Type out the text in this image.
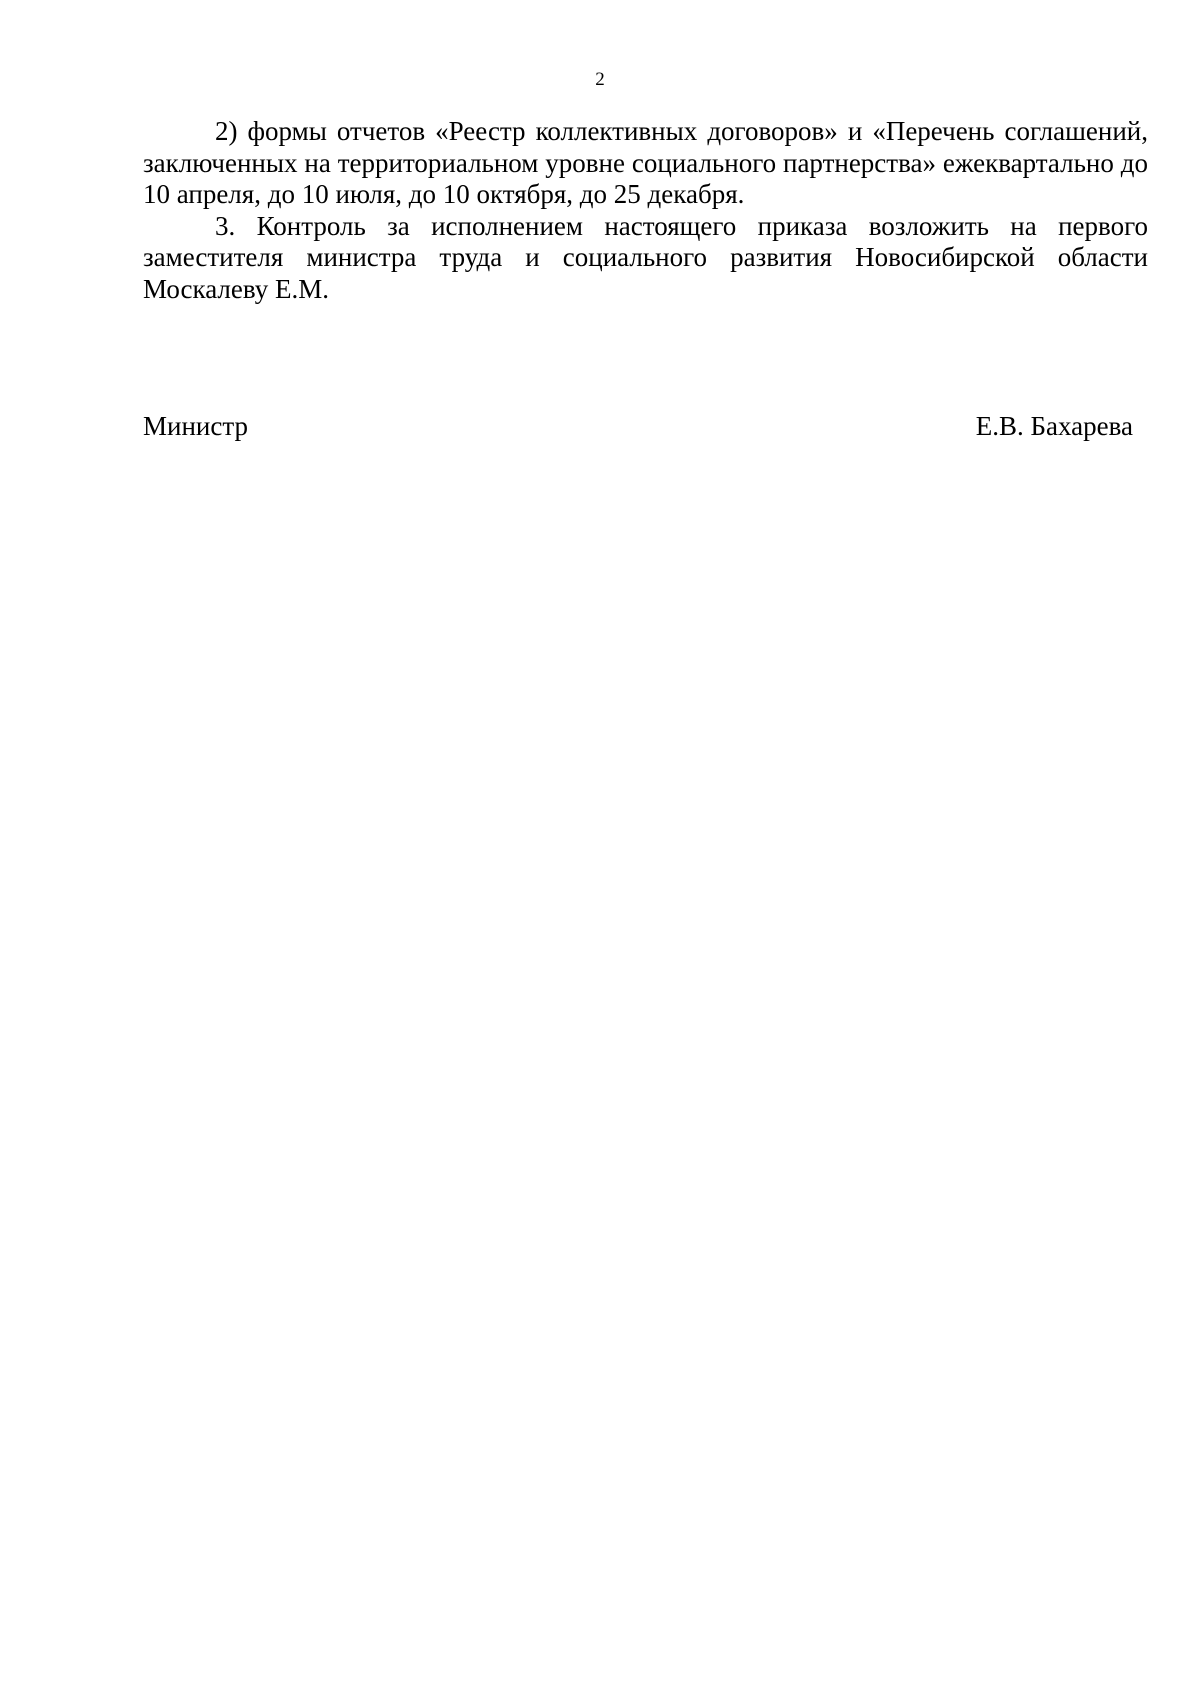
2

2) формы отчетов «Реестр коллективных договоров» и «Перечень соглашений, заключенных на территориальном уровне социального партнерства» ежеквартально до 10 апреля, до 10 июля, до 10 октября, до 25 декабря.

3. Контроль за исполнением настоящего приказа возложить на первого заместителя министра труда и социального развития Новосибирской области Москалеву Е.М.

Министр	Е.В. Бахарева
